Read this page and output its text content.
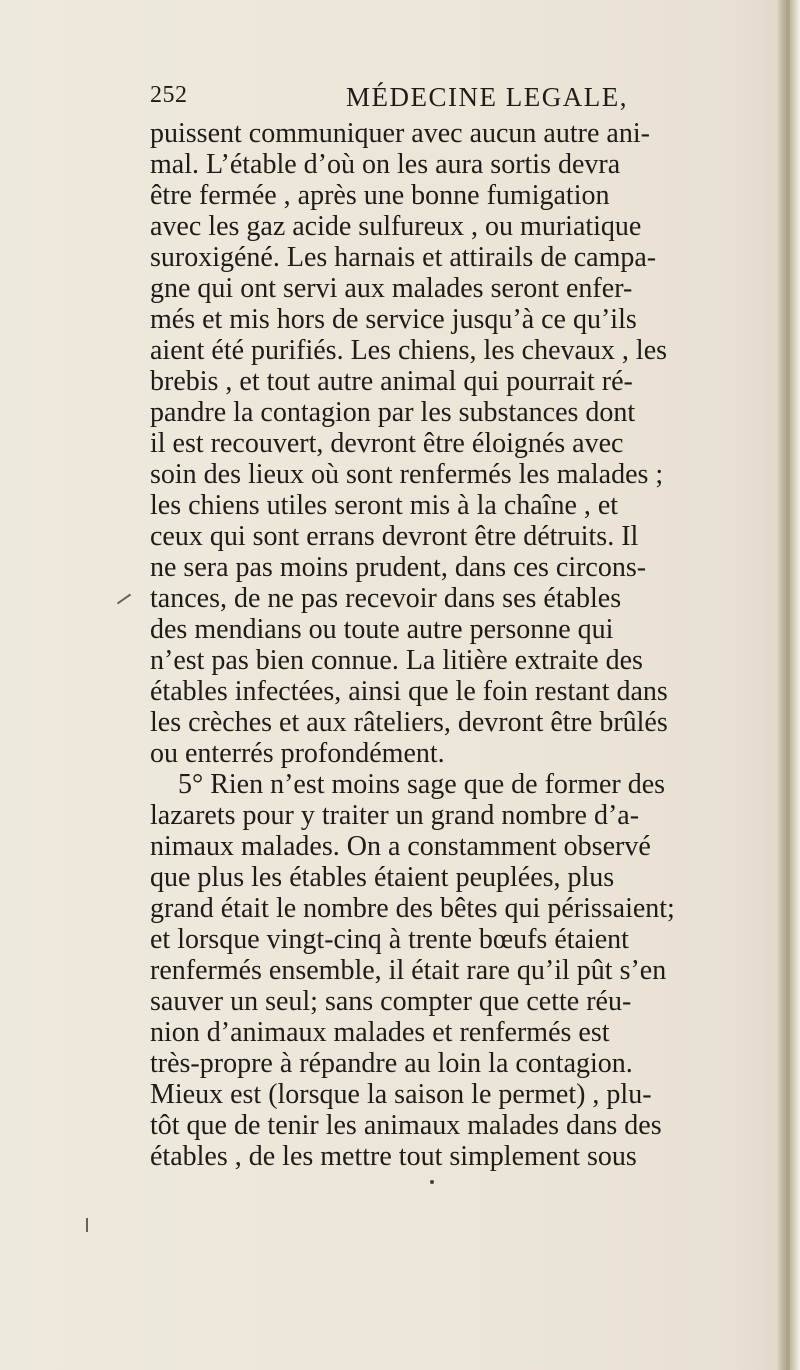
252	MÉDECINE LEGALE,
puissent communiquer avec aucun autre ani-
mal. L’étable d’où on les aura sortis devra
être fermée , après une bonne fumigation
avec les gaz acide sulfureux , ou muriatique
suroxigéné. Les harnais et attirails de campa-
gne qui ont servi aux malades seront enfer-
més et mis hors de service jusqu’à ce qu’ils
aient été purifiés. Les chiens, les chevaux , les
brebis , et tout autre animal qui pourrait ré-
pandre la contagion par les substances dont
il est recouvert, devront être éloignés avec
soin des lieux où sont renfermés les malades ;
les chiens utiles seront mis à la chaîne , et
ceux qui sont errans devront être détruits. Il
ne sera pas moins prudent, dans ces circons-
tances, de ne pas recevoir dans ses étables
des mendians ou toute autre personne qui
n’est pas bien connue. La litière extraite des
étables infectées, ainsi que le foin restant dans
les crèches et aux râteliers, devront être brûlés
ou enterrés profondément.
5° Rien n’est moins sage que de former des
lazarets pour y traiter un grand nombre d’a-
nimaux malades. On a constamment observé
que plus les étables étaient peuplées, plus
grand était le nombre des bêtes qui périssaient;
et lorsque vingt-cinq à trente bœufs étaient
renfermés ensemble, il était rare qu’il pût s’en
sauver un seul; sans compter que cette réu-
nion d’animaux malades et renfermés est
très-propre à répandre au loin la contagion.
Mieux est (lorsque la saison le permet) , plu-
tôt que de tenir les animaux malades dans des
étables , de les mettre tout simplement sous
